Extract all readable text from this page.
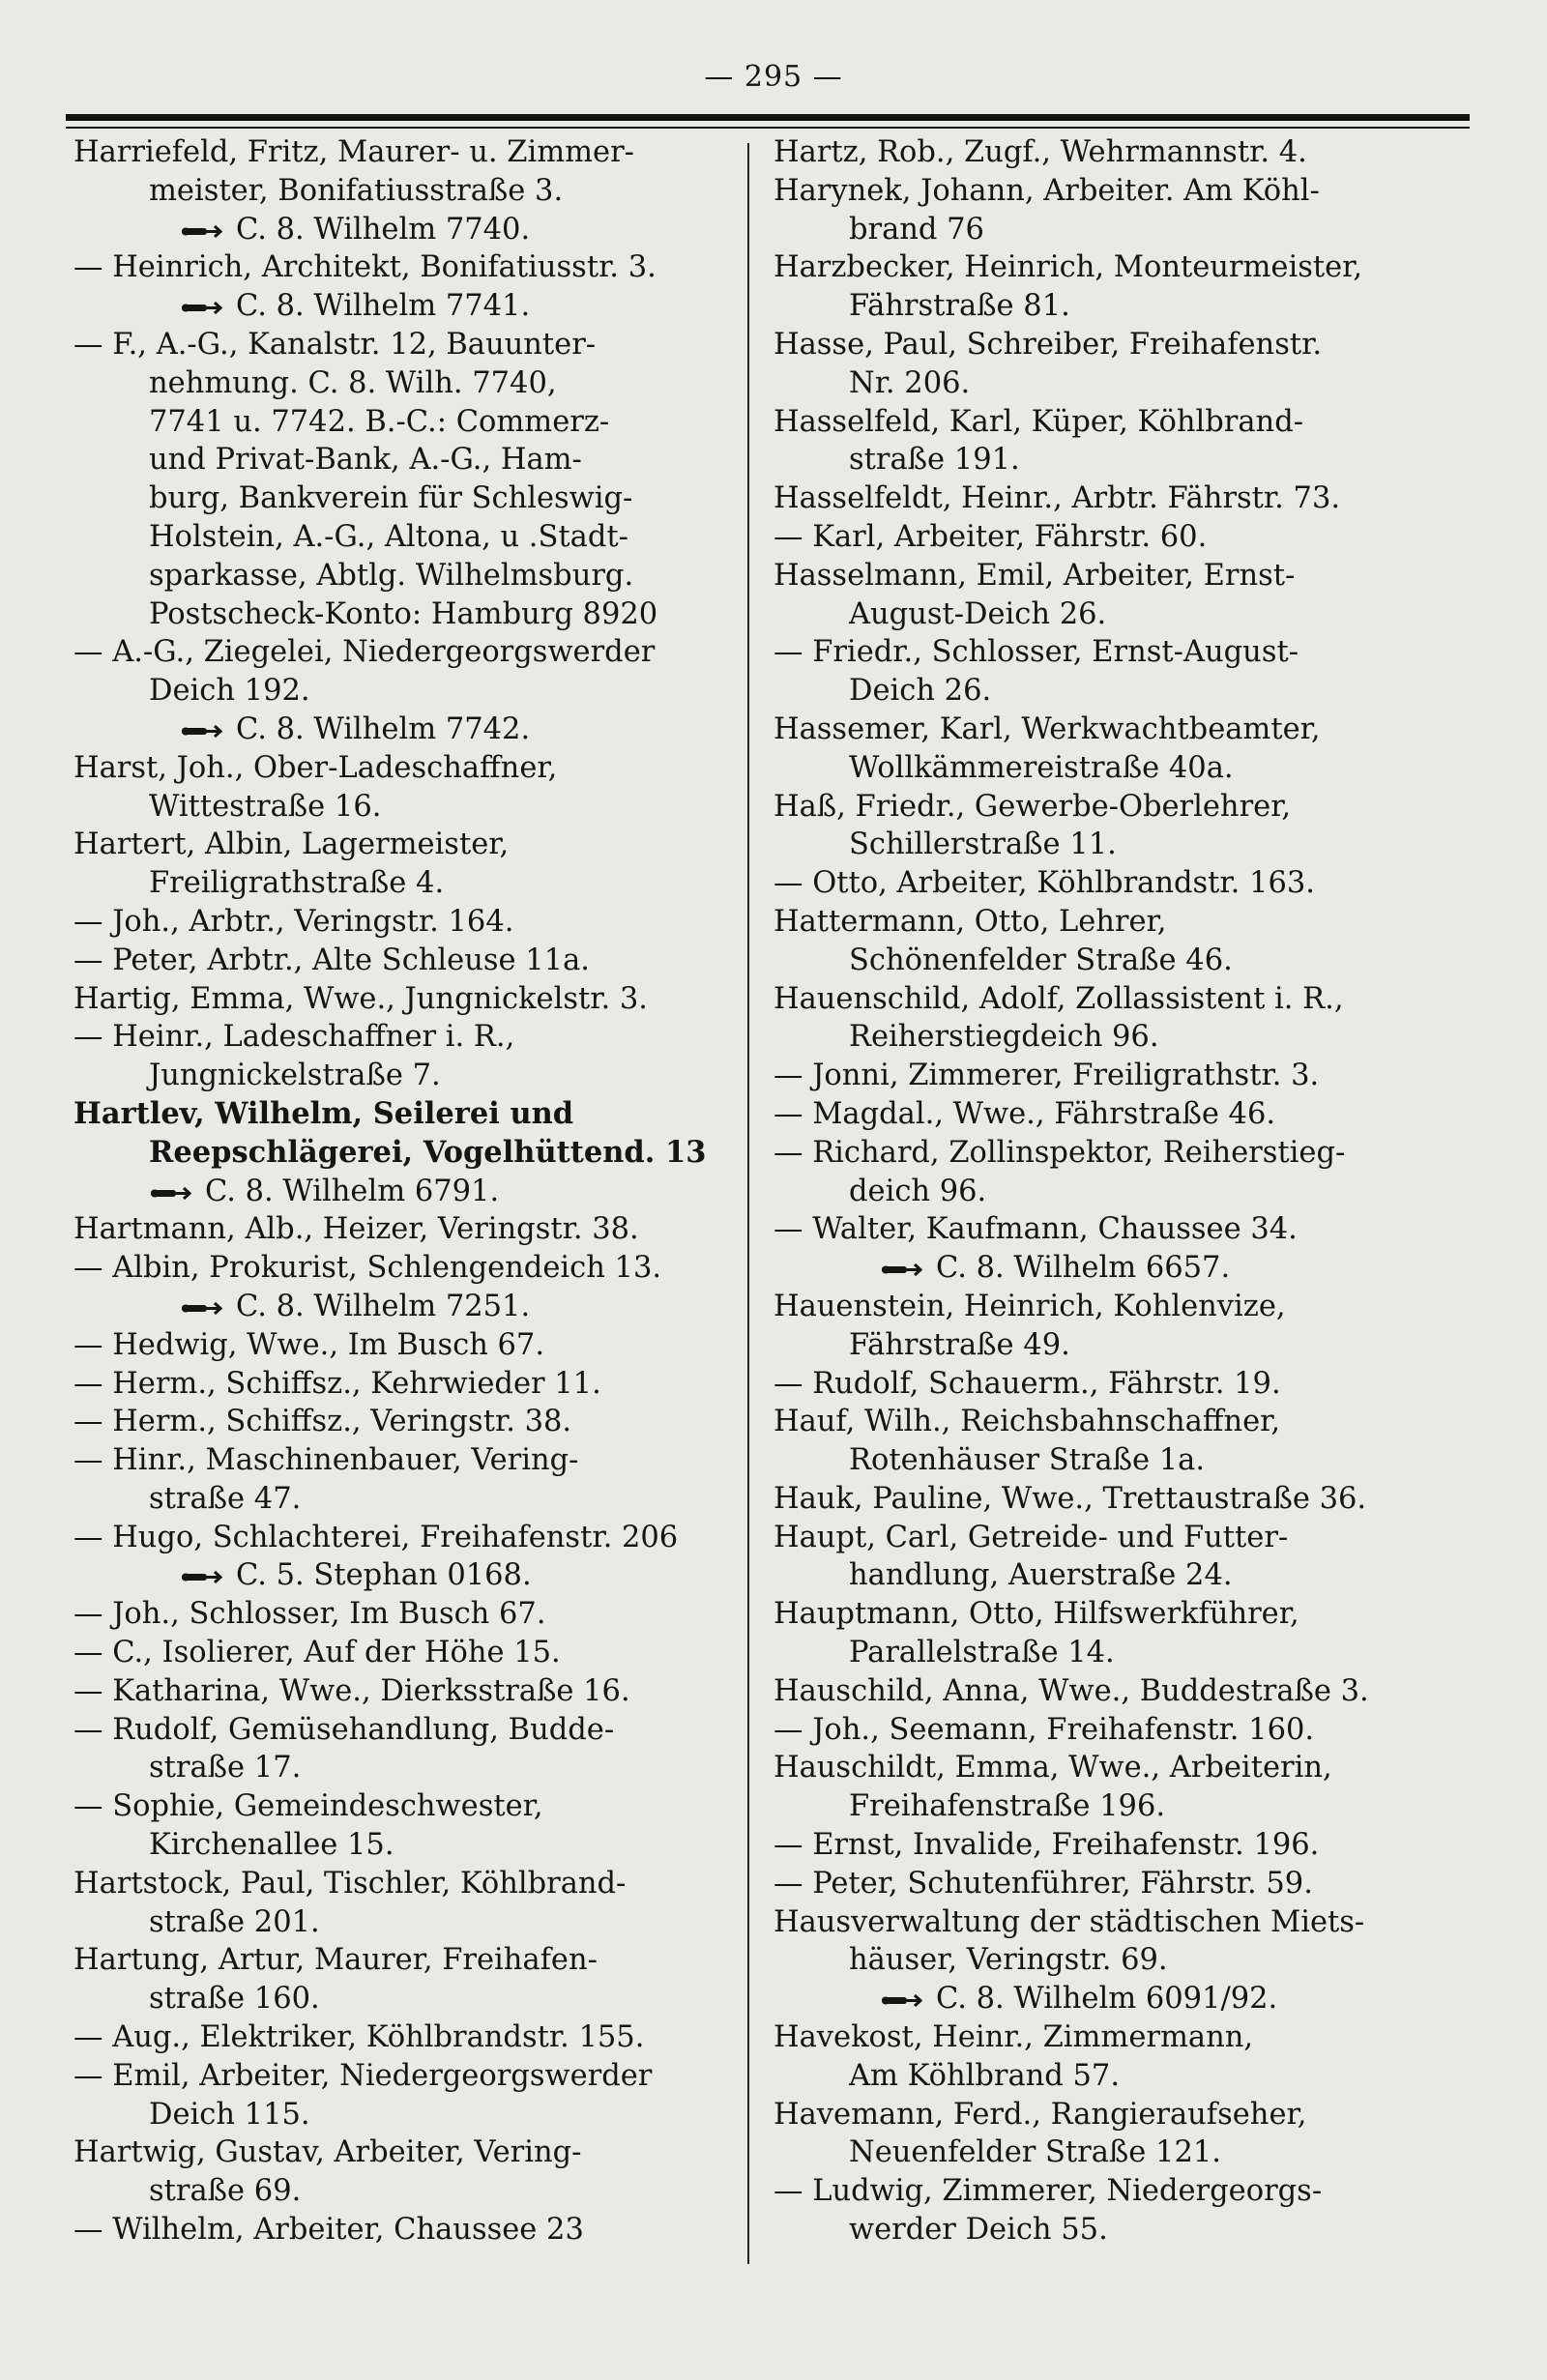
— 295 —
Harriefeld, Fritz, Maurer- u. Zimmer-
meister, Bonifatiusstraße 3.
C. 8. Wilhelm 7740.
— Heinrich, Architekt, Bonifatiusstr. 3.
C. 8. Wilhelm 7741.
— F., A.-G., Kanalstr. 12, Bauunter-
nehmung. C. 8. Wilh. 7740,
7741 u. 7742. B.-C.: Commerz-
und Privat-Bank, A.-G., Ham-
burg, Bankverein für Schleswig-
Holstein, A.-G., Altona, u .Stadt-
sparkasse, Abtlg. Wilhelmsburg.
Postscheck-Konto: Hamburg 8920
— A.-G., Ziegelei, Niedergeorgswerder
Deich 192.
C. 8. Wilhelm 7742.
Harst, Joh., Ober-Ladeschaffner,
Wittestraße 16.
Hartert, Albin, Lagermeister,
Freiligrathstraße 4.
— Joh., Arbtr., Veringstr. 164.
— Peter, Arbtr., Alte Schleuse 11a.
Hartig, Emma, Wwe., Jungnickelstr. 3.
— Heinr., Ladeschaffner i. R.,
Jungnickelstraße 7.
Hartlev, Wilhelm, Seilerei und
Reepschlägerei, Vogelhüttend. 13
C. 8. Wilhelm 6791.
Hartmann, Alb., Heizer, Veringstr. 38.
— Albin, Prokurist, Schlengendeich 13.
C. 8. Wilhelm 7251.
— Hedwig, Wwe., Im Busch 67.
— Herm., Schiffsz., Kehrwieder 11.
— Herm., Schiffsz., Veringstr. 38.
— Hinr., Maschinenbauer, Vering-
straße 47.
— Hugo, Schlachterei, Freihafenstr. 206
C. 5. Stephan 0168.
— Joh., Schlosser, Im Busch 67.
— C., Isolierer, Auf der Höhe 15.
— Katharina, Wwe., Dierksstraße 16.
— Rudolf, Gemüsehandlung, Budde-
straße 17.
— Sophie, Gemeindeschwester,
Kirchenallee 15.
Hartstock, Paul, Tischler, Köhlbrand-
straße 201.
Hartung, Artur, Maurer, Freihafen-
straße 160.
— Aug., Elektriker, Köhlbrandstr. 155.
— Emil, Arbeiter, Niedergeorgswerder
Deich 115.
Hartwig, Gustav, Arbeiter, Vering-
straße 69.
— Wilhelm, Arbeiter, Chaussee 23
Hartz, Rob., Zugf., Wehrmannstr. 4.
Harynek, Johann, Arbeiter. Am Köhl-
brand 76
Harzbecker, Heinrich, Monteurmeister,
Fährstraße 81.
Hasse, Paul, Schreiber, Freihafenstr.
Nr. 206.
Hasselfeld, Karl, Küper, Köhlbrand-
straße 191.
Hasselfeldt, Heinr., Arbtr. Fährstr. 73.
— Karl, Arbeiter, Fährstr. 60.
Hasselmann, Emil, Arbeiter, Ernst-
August-Deich 26.
— Friedr., Schlosser, Ernst-August-
Deich 26.
Hassemer, Karl, Werkwachtbeamter,
Wollkämmereistraße 40a.
Haß, Friedr., Gewerbe-Oberlehrer,
Schillerstraße 11.
— Otto, Arbeiter, Köhlbrandstr. 163.
Hattermann, Otto, Lehrer,
Schönenfelder Straße 46.
Hauenschild, Adolf, Zollassistent i. R.,
Reiherstiegdeich 96.
— Jonni, Zimmerer, Freiligrathstr. 3.
— Magdal., Wwe., Fährstraße 46.
— Richard, Zollinspektor, Reiherstieg-
deich 96.
— Walter, Kaufmann, Chaussee 34.
C. 8. Wilhelm 6657.
Hauenstein, Heinrich, Kohlenvize,
Fährstraße 49.
— Rudolf, Schauerm., Fährstr. 19.
Hauf, Wilh., Reichsbahnschaffner,
Rotenhäuser Straße 1a.
Hauk, Pauline, Wwe., Trettaustraße 36.
Haupt, Carl, Getreide- und Futter-
handlung, Auerstraße 24.
Hauptmann, Otto, Hilfswerkführer,
Parallelstraße 14.
Hauschild, Anna, Wwe., Buddestraße 3.
— Joh., Seemann, Freihafenstr. 160.
Hauschildt, Emma, Wwe., Arbeiterin,
Freihafenstraße 196.
— Ernst, Invalide, Freihafenstr. 196.
— Peter, Schutenführer, Fährstr. 59.
Hausverwaltung der städtischen Miets-
häuser, Veringstr. 69.
C. 8. Wilhelm 6091/92.
Havekost, Heinr., Zimmermann,
Am Köhlbrand 57.
Havemann, Ferd., Rangieraufseher,
Neuenfelder Straße 121.
— Ludwig, Zimmerer, Niedergeorgs-
werder Deich 55.
